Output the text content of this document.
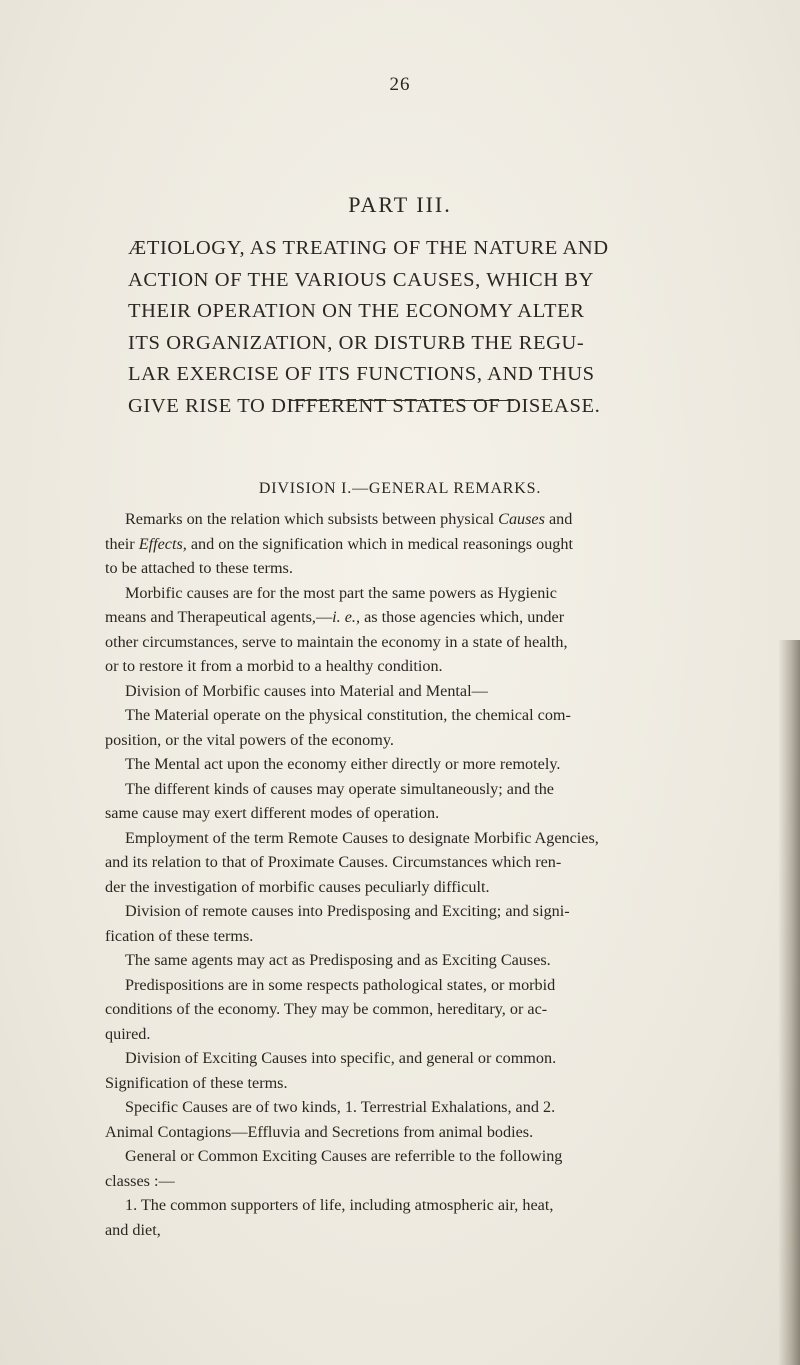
26
PART III.
ÆTIOLOGY, AS TREATING OF THE NATURE AND
ACTION OF THE VARIOUS CAUSES, WHICH BY
THEIR OPERATION ON THE ECONOMY ALTER
ITS ORGANIZATION, OR DISTURB THE REGU-
LAR EXERCISE OF ITS FUNCTIONS, AND THUS
GIVE RISE TO DIFFERENT STATES OF DISEASE.
DIVISION I.—GENERAL REMARKS.
Remarks on the relation which subsists between physical Causes and
their Effects, and on the signification which in medical reasonings ought
to be attached to these terms.
Morbific causes are for the most part the same powers as Hygienic
means and Therapeutical agents,—i. e., as those agencies which, under
other circumstances, serve to maintain the economy in a state of health,
or to restore it from a morbid to a healthy condition.
Division of Morbific causes into Material and Mental—
The Material operate on the physical constitution, the chemical com-
position, or the vital powers of the economy.
The Mental act upon the economy either directly or more remotely.
The different kinds of causes may operate simultaneously; and the
same cause may exert different modes of operation.
Employment of the term Remote Causes to designate Morbific Agencies,
and its relation to that of Proximate Causes. Circumstances which ren-
der the investigation of morbific causes peculiarly difficult.
Division of remote causes into Predisposing and Exciting; and signi-
fication of these terms.
The same agents may act as Predisposing and as Exciting Causes.
Predispositions are in some respects pathological states, or morbid
conditions of the economy. They may be common, hereditary, or ac-
quired.
Division of Exciting Causes into specific, and general or common.
Signification of these terms.
Specific Causes are of two kinds, 1. Terrestrial Exhalations, and 2.
Animal Contagions—Effluvia and Secretions from animal bodies.
General or Common Exciting Causes are referrible to the following
classes :—
1. The common supporters of life, including atmospheric air, heat,
and diet,
